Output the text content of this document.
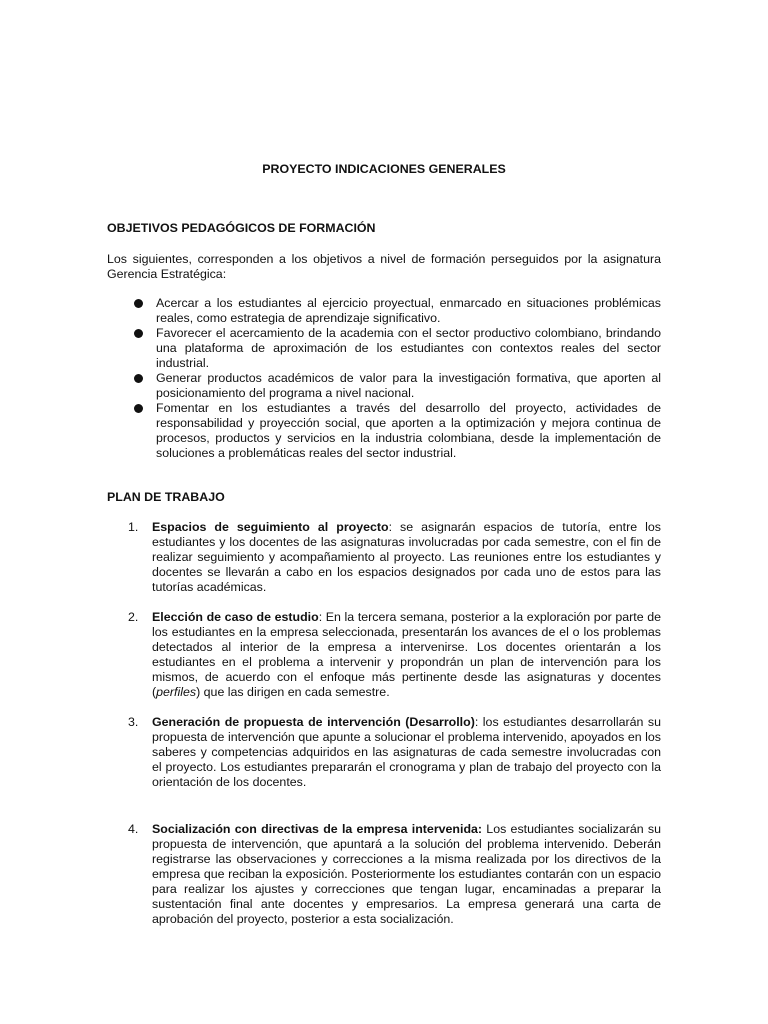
PROYECTO INDICACIONES GENERALES
OBJETIVOS PEDAGÓGICOS DE FORMACIÓN

Los siguientes, corresponden a los objetivos a nivel de formación perseguidos por la asignatura Gerencia Estratégica:

Acercar a los estudiantes al ejercicio proyectual, enmarcado en situaciones problémicas reales, como estrategia de aprendizaje significativo.
Favorecer el acercamiento de la academia con el sector productivo colombiano, brindando una plataforma de aproximación de los estudiantes con contextos reales del sector industrial.
Generar productos académicos de valor para la investigación formativa, que aporten al posicionamiento del programa a nivel nacional.
Fomentar en los estudiantes a través del desarrollo del proyecto, actividades de responsabilidad y proyección social, que aporten a la optimización y mejora continua de procesos, productos y servicios en la industria colombiana, desde la implementación de soluciones a problemáticas reales del sector industrial.
PLAN DE TRABAJO
1. Espacios de seguimiento al proyecto: se asignarán espacios de tutoría, entre los estudiantes y los docentes de las asignaturas involucradas por cada semestre, con el fin de realizar seguimiento y acompañamiento al proyecto. Las reuniones entre los estudiantes y docentes se llevarán a cabo en los espacios designados por cada uno de estos para las tutorías académicas.
2. Elección de caso de estudio: En la tercera semana, posterior a la exploración por parte de los estudiantes en la empresa seleccionada, presentarán los avances de el o los problemas detectados al interior de la empresa a intervenirse. Los docentes orientarán a los estudiantes en el problema a intervenir y propondrán un plan de intervención para los mismos, de acuerdo con el enfoque más pertinente desde las asignaturas y docentes (perfiles) que las dirigen en cada semestre.
3. Generación de propuesta de intervención (Desarrollo): los estudiantes desarrollarán su propuesta de intervención que apunte a solucionar el problema intervenido, apoyados en los saberes y competencias adquiridos en las asignaturas de cada semestre involucradas con el proyecto. Los estudiantes prepararán el cronograma y plan de trabajo del proyecto con la orientación de los docentes.
4. Socialización con directivas de la empresa intervenida: Los estudiantes socializarán su propuesta de intervención, que apuntará a la solución del problema intervenido. Deberán registrarse las observaciones y correcciones a la misma realizada por los directivos de la empresa que reciban la exposición. Posteriormente los estudiantes contarán con un espacio para realizar los ajustes y correcciones que tengan lugar, encaminadas a preparar la sustentación final ante docentes y empresarios. La empresa generará una carta de aprobación del proyecto, posterior a esta socialización.
